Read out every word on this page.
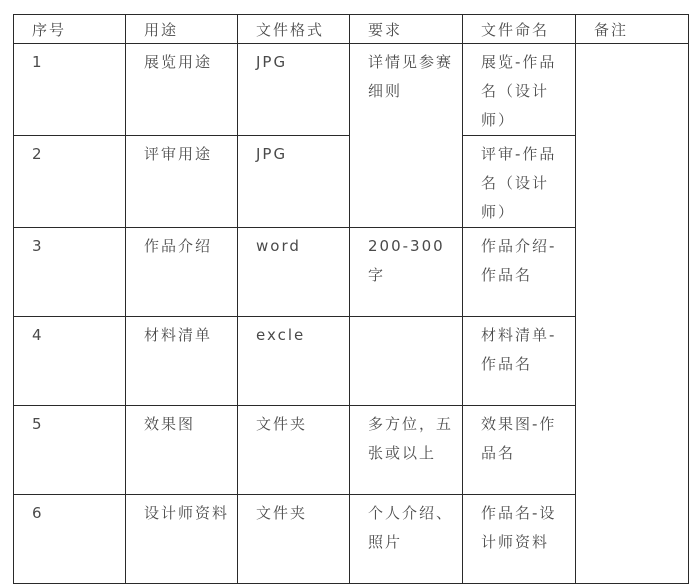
序号	用途	文件格式	要求	文件命名	备注
1	展览用途	JPG	详情见参赛细则	展览-作品名（设计师）	
2	评审用途	JPG		评审-作品名（设计师）	
3	作品介绍	word	200-300字	作品介绍-作品名	
4	材料清单	excle		材料清单-作品名	
5	效果图	文件夹	多方位，五张或以上	效果图-作品名	
6	设计师资料	文件夹	个人介绍、照片	作品名-设计师资料	
